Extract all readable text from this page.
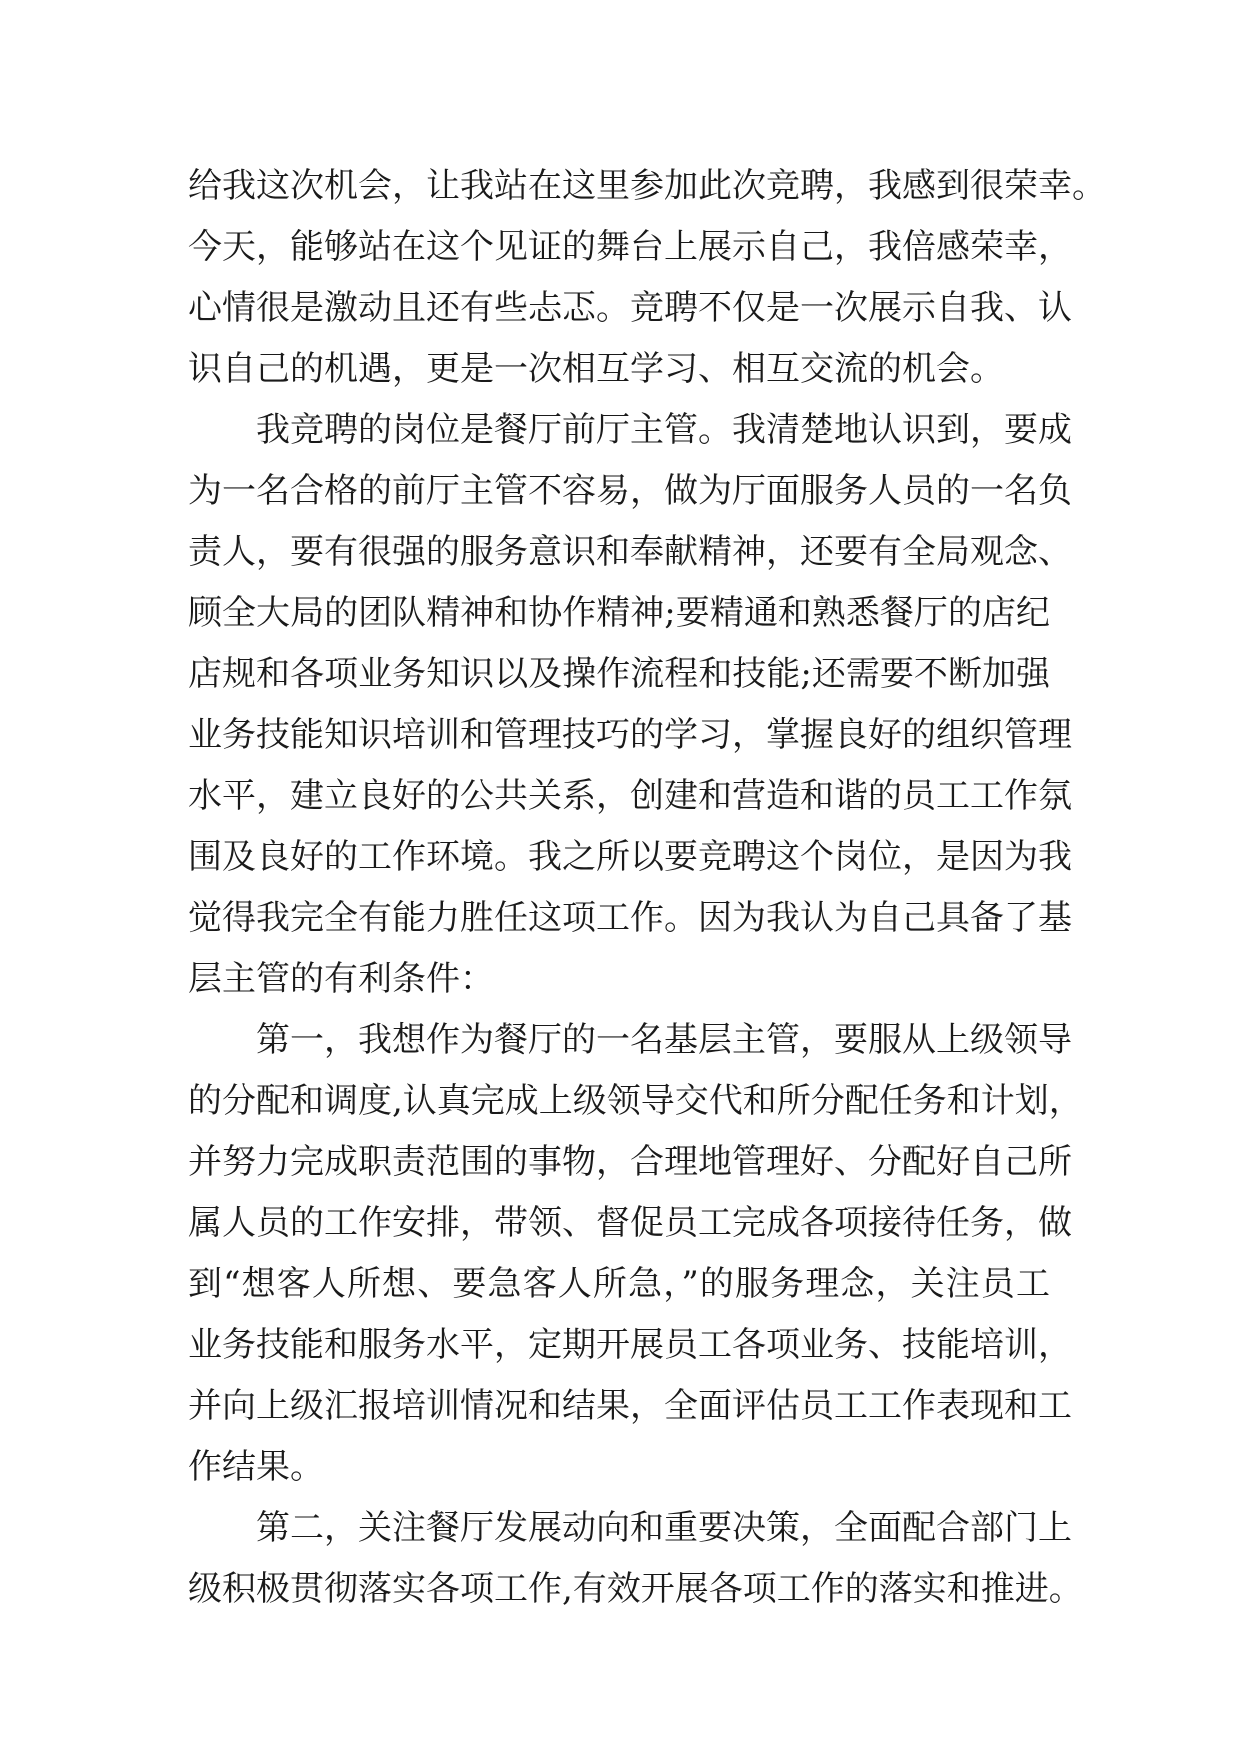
给我这次机会，让我站在这里参加此次竞聘，我感到很荣幸。
今天，能够站在这个见证的舞台上展示自己，我倍感荣幸，
心情很是激动且还有些忐忑。竞聘不仅是一次展示自我、认
识自己的机遇，更是一次相互学习、相互交流的机会。
我竞聘的岗位是餐厅前厅主管。我清楚地认识到，要成
为一名合格的前厅主管不容易，做为厅面服务人员的一名负
责人，要有很强的服务意识和奉献精神，还要有全局观念、
顾全大局的团队精神和协作精神;要精通和熟悉餐厅的店纪
店规和各项业务知识以及操作流程和技能;还需要不断加强
业务技能知识培训和管理技巧的学习，掌握良好的组织管理
水平，建立良好的公共关系，创建和营造和谐的员工工作氛
围及良好的工作环境。我之所以要竞聘这个岗位，是因为我
觉得我完全有能力胜任这项工作。因为我认为自己具备了基
层主管的有利条件：
第一，我想作为餐厅的一名基层主管，要服从上级领导
的分配和调度,认真完成上级领导交代和所分配任务和计划，
并努力完成职责范围的事物，合理地管理好、分配好自己所
属人员的工作安排，带领、督促员工完成各项接待任务，做
到“想客人所想、要急客人所急，”的服务理念，关注员工
业务技能和服务水平，定期开展员工各项业务、技能培训，
并向上级汇报培训情况和结果，全面评估员工工作表现和工
作结果。
第二，关注餐厅发展动向和重要决策，全面配合部门上
级积极贯彻落实各项工作,有效开展各项工作的落实和推进。
